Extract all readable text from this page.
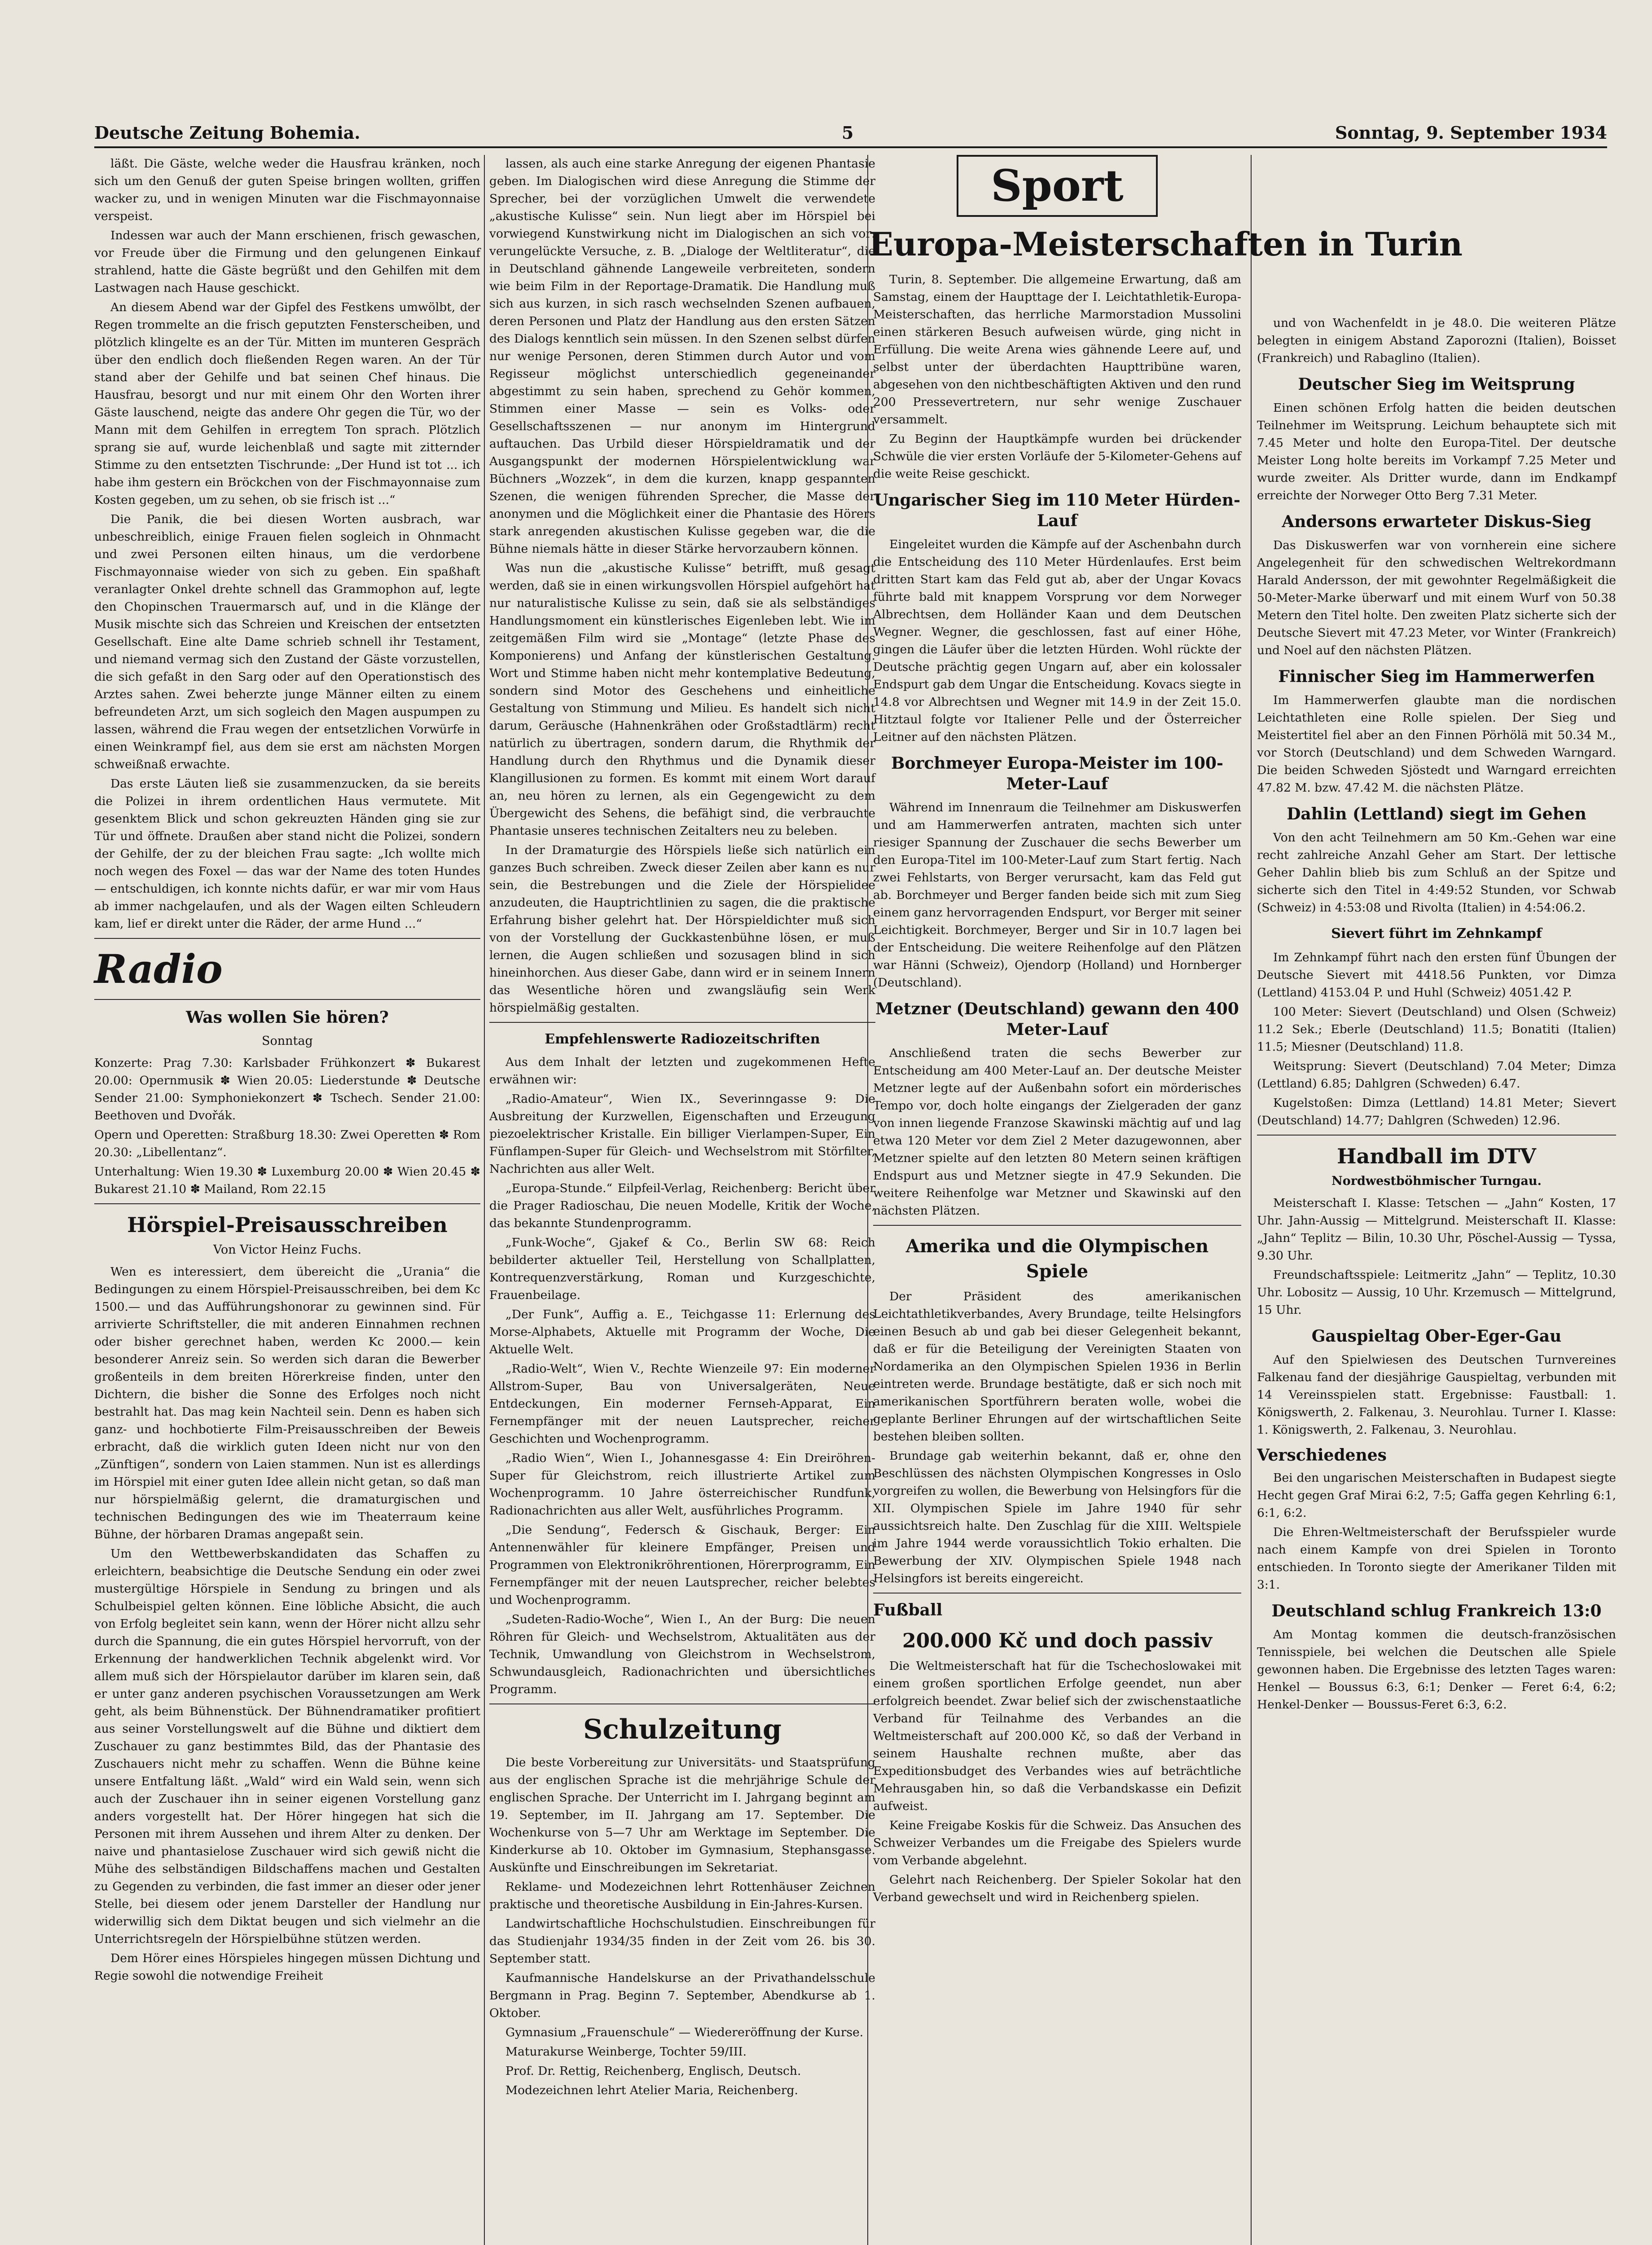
Deutsche Zeitung Bohemia.	5	Sonntag, 9. September 1934

läßt. Die Gäste, welche weder die Hausfrau kränken, noch sich um den Genuß der guten Speise bringen wollten, griffen wacker zu, und in wenigen Minuten war die Fischmayonnaise verspeist.

Indessen war auch der Mann erschienen, frisch gewaschen, vor Freude über die Firmung und den gelungenen Einkauf strahlend, hatte die Gäste begrüßt und den Gehilfen mit dem Lastwagen nach Hause geschickt.

An diesem Abend war der Gipfel des Festkens umwölbt, der Regen trommelte an die frisch geputzten Fensterscheiben, und plötzlich klingelte es an der Tür. Mitten im munteren Gespräch über den endlich doch fließenden Regen waren. An der Tür stand aber der Gehilfe und bat seinen Chef hinaus. Die Hausfrau, besorgt und nur mit einem Ohr den Worten ihrer Gäste lauschend, neigte das andere Ohr gegen die Tür, wo der Mann mit dem Gehilfen in erregtem Ton sprach. Plötzlich sprang sie auf, wurde leichenblaß und sagte mit zitternder Stimme zu den entsetzten Tischrunde: „Der Hund ist tot ... ich habe ihm gestern ein Bröckchen von der Fischmayonnaise zum Kosten gegeben, um zu sehen, ob sie frisch ist ...“

Die Panik, die bei diesen Worten ausbrach, war unbeschreiblich, einige Frauen fielen sogleich in Ohnmacht und zwei Personen eilten hinaus, um die verdorbene Fischmayonnaise wieder von sich zu geben. Ein spaßhaft veranlagter Onkel drehte schnell das Grammophon auf, legte den Chopinschen Trauermarsch auf, und in die Klänge der Musik mischte sich das Schreien und Kreischen der entsetzten Gesellschaft. Eine alte Dame schrieb schnell ihr Testament, und niemand vermag sich den Zustand der Gäste vorzustellen, die sich gefaßt in den Sarg oder auf den Operationstisch des Arztes sahen. Zwei beherzte junge Männer eilten zu einem befreundeten Arzt, um sich sogleich den Magen auspumpen zu lassen, während die Frau wegen der entsetzlichen Vorwürfe in einen Weinkrampf fiel, aus dem sie erst am nächsten Morgen schweißnaß erwachte.

Das erste Läuten ließ sie zusammenzucken, da sie bereits die Polizei in ihrem ordentlichen Haus vermutete. Mit gesenktem Blick und schon gekreuzten Händen ging sie zur Tür und öffnete. Draußen aber stand nicht die Polizei, sondern der Gehilfe, der zu der bleichen Frau sagte: „Ich wollte mich noch wegen des Foxel — das war der Name des toten Hundes — entschuldigen, ich konnte nichts dafür, er war mir vom Haus ab immer nachgelaufen, und als der Wagen eilten Schleudern kam, lief er direkt unter die Räder, der arme Hund ...“

Radio
Was wollen Sie hören?
Sonntag

Konzerte: Prag 7.30: Karlsbader Frühkonzert ✽ Bukarest 20.00: Opernmusik ✽ Wien 20.05: Liederstunde ✽ Deutsche Sender 21.00: Symphoniekonzert ✽ Tschech. Sender 21.00: Beethoven und Dvořák.

Opern und Operetten: Straßburg 18.30: Zwei Operetten ✽ Rom 20.30: „Libellentanz“.

Unterhaltung: Wien 19.30 ✽ Luxemburg 20.00 ✽ Wien 20.45 ✽ Bukarest 21.10 ✽ Mailand, Rom 22.15

Hörspiel-Preisausschreiben
Von Victor Heinz Fuchs.

Wen es interessiert, dem übereicht die „Urania“ die Bedingungen zu einem Hörspiel-Preisausschreiben, bei dem Kc 1500.— und das Aufführungshonorar zu gewinnen sind. Für arrivierte Schriftsteller, die mit anderen Einnahmen rechnen oder bisher gerechnet haben, werden Kc 2000.— kein besonderer Anreiz sein. So werden sich daran die Bewerber großenteils in dem breiten Hörerkreise finden, unter den Dichtern, die bisher die Sonne des Erfolges noch nicht bestrahlt hat. Das mag kein Nachteil sein. Denn es haben sich ganz- und hochbotierte Film-Preisausschreiben der Beweis erbracht, daß die wirklich guten Ideen nicht nur von den „Zünftigen“, sondern von Laien stammen. Nun ist es allerdings im Hörspiel mit einer guten Idee allein nicht getan, so daß man nur hörspielmäßig gelernt, die dramaturgischen und technischen Bedingungen des wie im Theaterraum keine Bühne, der hörbaren Dramas angepaßt sein.

Um den Wettbewerbskandidaten das Schaffen zu erleichtern, beabsichtige die Deutsche Sendung ein oder zwei mustergültige Hörspiele in Sendung zu bringen und als Schulbeispiel gelten können. Eine löbliche Absicht, die auch von Erfolg begleitet sein kann, wenn der Hörer nicht allzu sehr durch die Spannung, die ein gutes Hörspiel hervorruft, von der Erkennung der handwerklichen Technik abgelenkt wird. Vor allem muß sich der Hörspielautor darüber im klaren sein, daß er unter ganz anderen psychischen Voraussetzungen am Werk geht, als beim Bühnenstück. Der Bühnendramatiker profitiert aus seiner Vorstellungswelt auf die Bühne und diktiert dem Zuschauer zu ganz bestimmtes Bild, das der Phantasie des Zuschauers nicht mehr zu schaffen. Wenn die Bühne keine unsere Entfaltung läßt. „Wald“ wird ein Wald sein, wenn sich auch der Zuschauer ihn in seiner eigenen Vorstellung ganz anders vorgestellt hat. Der Hörer hingegen hat sich die Personen mit ihrem Aussehen und ihrem Alter zu denken. Der naive und phantasielose Zuschauer wird sich gewiß nicht die Mühe des selbständigen Bildschaffens machen und Gestalten zu Gegenden zu verbinden, die fast immer an dieser oder jener Stelle, bei diesem oder jenem Darsteller der Handlung nur widerwillig sich dem Diktat beugen und sich vielmehr an die Unterrichtsregeln der Hörspielbühne stützen werden.

Dem Hörer eines Hörspieles hingegen müssen Dichtung und Regie sowohl die notwendige Freiheit

lassen, als auch eine starke Anregung der eigenen Phantasie geben. Im Dialogischen wird diese Anregung die Stimme der Sprecher, bei der vorzüglichen Umwelt die verwendete „akustische Kulisse“ sein. Nun liegt aber im Hörspiel bei vorwiegend Kunstwirkung nicht im Dialogischen an sich vor: verungelückte Versuche, z. B. „Dialoge der Weltliteratur“, die in Deutschland gähnende Langeweile verbreiteten, sondern wie beim Film in der Reportage-Dramatik. Die Handlung muß sich aus kurzen, in sich rasch wechselnden Szenen aufbauen, deren Personen und Platz der Handlung aus den ersten Sätzen des Dialogs kenntlich sein müssen. In den Szenen selbst dürfen nur wenige Personen, deren Stimmen durch Autor und vom Regisseur möglichst unterschiedlich gegeneinander abgestimmt zu sein haben, sprechend zu Gehör kommen, Stimmen einer Masse — sein es Volks- oder Gesellschaftsszenen — nur anonym im Hintergrund auftauchen. Das Urbild dieser Hörspieldramatik und der Ausgangspunkt der modernen Hörspielentwicklung war Büchners „Wozzek“, in dem die kurzen, knapp gespannten Szenen, die wenigen führenden Sprecher, die Masse der anonymen und die Möglichkeit einer die Phantasie des Hörers stark anregenden akustischen Kulisse gegeben war, die die Bühne niemals hätte in dieser Stärke hervorzaubern können.

Was nun die „akustische Kulisse“ betrifft, muß gesagt werden, daß sie in einen wirkungsvollen Hörspiel aufgehört hat nur naturalistische Kulisse zu sein, daß sie als selbständiges Handlungsmoment ein künstlerisches Eigenleben lebt. Wie im zeitgemäßen Film wird sie „Montage“ (letzte Phase des Komponierens) und Anfang der künstlerischen Gestaltung. Wort und Stimme haben nicht mehr kontemplative Bedeutung, sondern sind Motor des Geschehens und einheitliche Gestaltung von Stimmung und Milieu. Es handelt sich nicht darum, Geräusche (Hahnenkrähen oder Großstadtlärm) recht natürlich zu übertragen, sondern darum, die Rhythmik der Handlung durch den Rhythmus und die Dynamik dieser Klangillusionen zu formen. Es kommt mit einem Wort darauf an, neu hören zu lernen, als ein Gegengewicht zu dem Übergewicht des Sehens, die befähigt sind, die verbrauchte Phantasie unseres technischen Zeitalters neu zu beleben.

In der Dramaturgie des Hörspiels ließe sich natürlich ein ganzes Buch schreiben. Zweck dieser Zeilen aber kann es nur sein, die Bestrebungen und die Ziele der Hörspielidee anzudeuten, die Hauptrichtlinien zu sagen, die die praktische Erfahrung bisher gelehrt hat. Der Hörspieldichter muß sich von der Vorstellung der Guckkastenbühne lösen, er muß lernen, die Augen schließen und sozusagen blind in sich hineinhorchen. Aus dieser Gabe, dann wird er in seinem Innern das Wesentliche hören und zwangsläufig sein Werk hörspielmäßig gestalten.

Empfehlenswerte Radiozeitschriften

Aus dem Inhalt der letzten und zugekommenen Hefte erwähnen wir:

„Radio-Amateur“, Wien IX., Severinngasse 9: Die Ausbreitung der Kurzwellen, Eigenschaften und Erzeugung piezoelektrischer Kristalle. Ein billiger Vierlampen-Super, Ein Fünflampen-Super für Gleich- und Wechselstrom mit Störfilter, Nachrichten aus aller Welt.

„Europa-Stunde.“ Eilpfeil-Verlag, Reichenberg: Bericht über die Prager Radioschau, Die neuen Modelle, Kritik der Woche, das bekannte Stundenprogramm.

„Funk-Woche“, Gjakef & Co., Berlin SW 68: Reich bebilderter aktueller Teil, Herstellung von Schallplatten, Kontrequenzverstärkung, Roman und Kurzgeschichte, Frauenbeilage.

„Der Funk“, Auffig a. E., Teichgasse 11: Erlernung des Morse-Alphabets, Aktuelle mit Programm der Woche, Die Aktuelle Welt.

„Radio-Welt“, Wien V., Rechte Wienzeile 97: Ein moderner Allstrom-Super, Bau von Universalgeräten, Neue Entdeckungen, Ein moderner Fernseh-Apparat, Ein Fernempfänger mit der neuen Lautsprecher, reicher Geschichten und Wochenprogramm.

„Radio Wien“, Wien I., Johannesgasse 4: Ein Dreiröhren-Super für Gleichstrom, reich illustrierte Artikel zum Wochenprogramm. 10 Jahre österreichischer Rundfunk, Radionachrichten aus aller Welt, ausführliches Programm.

„Die Sendung“, Federsch & Gischauk, Berger: Ein Antennenwähler für kleinere Empfänger, Preisen und Programmen von Elektronikröhrentionen, Hörerprogramm, Ein Fernempfänger mit der neuen Lautsprecher, reicher belebtes und Wochenprogramm.

„Sudeten-Radio-Woche“, Wien I., An der Burg: Die neuen Röhren für Gleich- und Wechselstrom, Aktualitäten aus der Technik, Umwandlung von Gleichstrom in Wechselstrom, Schwundausgleich, Radionachrichten und übersichtliches Programm.

Schulzeitung

Die beste Vorbereitung zur Universitäts- und Staatsprüfung aus der englischen Sprache ist die mehrjährige Schule der englischen Sprache. Der Unterricht im I. Jahrgang beginnt am 19. September, im II. Jahrgang am 17. September. Die Wochenkurse von 5—7 Uhr am Werktage im September. Die Kinderkurse ab 10. Oktober im Gymnasium, Stephansgasse. Auskünfte und Einschreibungen im Sekretariat.

Reklame- und Modezeichnen lehrt Rottenhäuser Zeichnen praktische und theoretische Ausbildung in Ein-Jahres-Kursen.

Landwirtschaftliche Hochschulstudien. Einschreibungen für das Studienjahr 1934/35 finden in der Zeit vom 26. bis 30. September statt.

Kaufmannische Handelskurse an der Privathandelsschule Bergmann in Prag. Beginn 7. September, Abendkurse ab 1. Oktober.

Gymnasium „Frauenschule“ — Wiedereröffnung der Kurse.

Maturakurse Weinberge, Tochter 59/III.

Prof. Dr. Rettig, Reichenberg, Englisch, Deutsch.

Modezeichnen lehrt Atelier Maria, Reichenberg.

Sport
Europa-Meisterschaften in Turin

Turin, 8. September. Die allgemeine Erwartung, daß am Samstag, einem der Haupttage der I. Leichtathletik-Europa-Meisterschaften, das herrliche Marmorstadion Mussolini einen stärkeren Besuch aufweisen würde, ging nicht in Erfüllung. Die weite Arena wies gähnende Leere auf, und selbst unter der überdachten Haupttribüne waren, abgesehen von den nichtbeschäftigten Aktiven und den rund 200 Pressevertretern, nur sehr wenige Zuschauer versammelt.

Zu Beginn der Hauptkämpfe wurden bei drückender Schwüle die vier ersten Vorläufe der 5-Kilometer-Gehens auf die weite Reise geschickt.

Ungarischer Sieg im 110 Meter Hürden-Lauf

Eingeleitet wurden die Kämpfe auf der Aschenbahn durch die Entscheidung des 110 Meter Hürdenlaufes. Erst beim dritten Start kam das Feld gut ab, aber der Ungar Kovacs führte bald mit knappem Vorsprung vor dem Norweger Albrechtsen, dem Holländer Kaan und dem Deutschen Wegner. Wegner, die geschlossen, fast auf einer Höhe, gingen die Läufer über die letzten Hürden. Wohl rückte der Deutsche prächtig gegen Ungarn auf, aber ein kolossaler Endspurt gab dem Ungar die Entscheidung. Kovacs siegte in 14.8 vor Albrechtsen und Wegner mit 14.9 in der Zeit 15.0. Hitztaul folgte vor Italiener Pelle und der Österreicher Leitner auf den nächsten Plätzen.

Borchmeyer Europa-Meister im 100-Meter-Lauf

Während im Innenraum die Teilnehmer am Diskuswerfen und am Hammerwerfen antraten, machten sich unter riesiger Spannung der Zuschauer die sechs Bewerber um den Europa-Titel im 100-Meter-Lauf zum Start fertig. Nach zwei Fehlstarts, von Berger verursacht, kam das Feld gut ab. Borchmeyer und Berger fanden beide sich mit zum Sieg einem ganz hervorragenden Endspurt, vor Berger mit seiner Leichtigkeit. Borchmeyer, Berger und Sir in 10.7 lagen bei der Entscheidung. Die weitere Reihenfolge auf den Plätzen war Hänni (Schweiz), Ojendorp (Holland) und Hornberger (Deutschland).

Metzner (Deutschland) gewann den 400 Meter-Lauf

Anschließend traten die sechs Bewerber zur Entscheidung am 400 Meter-Lauf an. Der deutsche Meister Metzner legte auf der Außenbahn sofort ein mörderisches Tempo vor, doch holte eingangs der Zielgeraden der ganz von innen liegende Franzose Skawinski mächtig auf und lag etwa 120 Meter vor dem Ziel 2 Meter dazugewonnen, aber Metzner spielte auf den letzten 80 Metern seinen kräftigen Endspurt aus und Metzner siegte in 47.9 Sekunden. Die weitere Reihenfolge war Metzner und Skawinski auf den nächsten Plätzen.

Amerika und die Olympischen Spiele

Der Präsident des amerikanischen Leichtathletikverbandes, Avery Brundage, teilte Helsingfors einen Besuch ab und gab bei dieser Gelegenheit bekannt, daß er für die Beteiligung der Vereinigten Staaten von Nordamerika an den Olympischen Spielen 1936 in Berlin eintreten werde. Brundage bestätigte, daß er sich noch mit amerikanischen Sportführern beraten wolle, wobei die geplante Berliner Ehrungen auf der wirtschaftlichen Seite bestehen bleiben sollten.

Brundage gab weiterhin bekannt, daß er, ohne den Beschlüssen des nächsten Olympischen Kongresses in Oslo vorgreifen zu wollen, die Bewerbung von Helsingfors für die XII. Olympischen Spiele im Jahre 1940 für sehr aussichtsreich halte. Den Zuschlag für die XIII. Weltspiele im Jahre 1944 werde voraussichtlich Tokio erhalten. Die Bewerbung der XIV. Olympischen Spiele 1948 nach Helsingfors ist bereits eingereicht.

Fußball
200.000 Kč und doch passiv

Die Weltmeisterschaft hat für die Tschechoslowakei mit einem großen sportlichen Erfolge geendet, nun aber erfolgreich beendet. Zwar belief sich der zwischenstaatliche Verband für Teilnahme des Verbandes an die Weltmeisterschaft auf 200.000 Kč, so daß der Verband in seinem Haushalte rechnen mußte, aber das Expeditionsbudget des Verbandes wies auf beträchtliche Mehrausgaben hin, so daß die Verbandskasse ein Defizit aufweist.

Keine Freigabe Koskis für die Schweiz. Das Ansuchen des Schweizer Verbandes um die Freigabe des Spielers wurde vom Verbande abgelehnt.

Gelehrt nach Reichenberg. Der Spieler Sokolar hat den Verband gewechselt und wird in Reichenberg spielen.

und von Wachenfeldt in je 48.0. Die weiteren Plätze belegten in einigem Abstand Zaporozni (Italien), Boisset (Frankreich) und Rabaglino (Italien).

Deutscher Sieg im Weitsprung

Einen schönen Erfolg hatten die beiden deutschen Teilnehmer im Weitsprung. Leichum behauptete sich mit 7.45 Meter und holte den Europa-Titel. Der deutsche Meister Long holte bereits im Vorkampf 7.25 Meter und wurde zweiter. Als Dritter wurde, dann im Endkampf erreichte der Norweger Otto Berg 7.31 Meter.

Andersons erwarteter Diskus-Sieg

Das Diskuswerfen war von vornherein eine sichere Angelegenheit für den schwedischen Weltrekordmann Harald Andersson, der mit gewohnter Regelmäßigkeit die 50-Meter-Marke überwarf und mit einem Wurf von 50.38 Metern den Titel holte. Den zweiten Platz sicherte sich der Deutsche Sievert mit 47.23 Meter, vor Winter (Frankreich) und Noel auf den nächsten Plätzen.

Finnischer Sieg im Hammerwerfen

Im Hammerwerfen glaubte man die nordischen Leichtathleten eine Rolle spielen. Der Sieg und Meistertitel fiel aber an den Finnen Pörhölä mit 50.34 M., vor Storch (Deutschland) und dem Schweden Warngard. Die beiden Schweden Sjöstedt und Warngard erreichten 47.82 M. bzw. 47.42 M. die nächsten Plätze.

Dahlin (Lettland) siegt im Gehen

Von den acht Teilnehmern am 50 Km.-Gehen war eine recht zahlreiche Anzahl Geher am Start. Der lettische Geher Dahlin blieb bis zum Schluß an der Spitze und sicherte sich den Titel in 4:49:52 Stunden, vor Schwab (Schweiz) in 4:53:08 und Rivolta (Italien) in 4:54:06.2.

Sievert führt im Zehnkampf

Im Zehnkampf führt nach den ersten fünf Übungen der Deutsche Sievert mit 4418.56 Punkten, vor Dimza (Lettland) 4153.04 P. und Huhl (Schweiz) 4051.42 P.

100 Meter: Sievert (Deutschland) und Olsen (Schweiz) 11.2 Sek.; Eberle (Deutschland) 11.5; Bonatiti (Italien) 11.5; Miesner (Deutschland) 11.8.

Weitsprung: Sievert (Deutschland) 7.04 Meter; Dimza (Lettland) 6.85; Dahlgren (Schweden) 6.47.

Kugelstoßen: Dimza (Lettland) 14.81 Meter; Sievert (Deutschland) 14.77; Dahlgren (Schweden) 12.96.

Handball im DTV
Nordwestböhmischer Turngau.

Meisterschaft I. Klasse: Tetschen — „Jahn“ Kosten, 17 Uhr. Jahn-Aussig — Mittelgrund. Meisterschaft II. Klasse: „Jahn“ Teplitz — Bilin, 10.30 Uhr, Pöschel-Aussig — Tyssa, 9.30 Uhr.

Freundschaftsspiele: Leitmeritz „Jahn“ — Teplitz, 10.30 Uhr. Lobositz — Aussig, 10 Uhr. Krzemusch — Mittelgrund, 15 Uhr.

Gauspieltag Ober-Eger-Gau

Auf den Spielwiesen des Deutschen Turnvereines Falkenau fand der diesjährige Gauspieltag, verbunden mit 14 Vereinsspielen statt. Ergebnisse: Faustball: 1. Königswerth, 2. Falkenau, 3. Neurohlau. Turner I. Klasse: 1. Königswerth, 2. Falkenau, 3. Neurohlau.

Verschiedenes

Bei den ungarischen Meisterschaften in Budapest siegte Hecht gegen Graf Mirai 6:2, 7:5; Gaffa gegen Kehrling 6:1, 6:1, 6:2.

Die Ehren-Weltmeisterschaft der Berufsspieler wurde nach einem Kampfe von drei Spielen in Toronto entschieden. In Toronto siegte der Amerikaner Tilden mit 3:1.

Deutschland schlug Frankreich 13:0

Am Montag kommen die deutsch-französischen Tennisspiele, bei welchen die Deutschen alle Spiele gewonnen haben. Die Ergebnisse des letzten Tages waren: Henkel — Boussus 6:3, 6:1; Denker — Feret 6:4, 6:2; Henkel-Denker — Boussus-Feret 6:3, 6:2.
